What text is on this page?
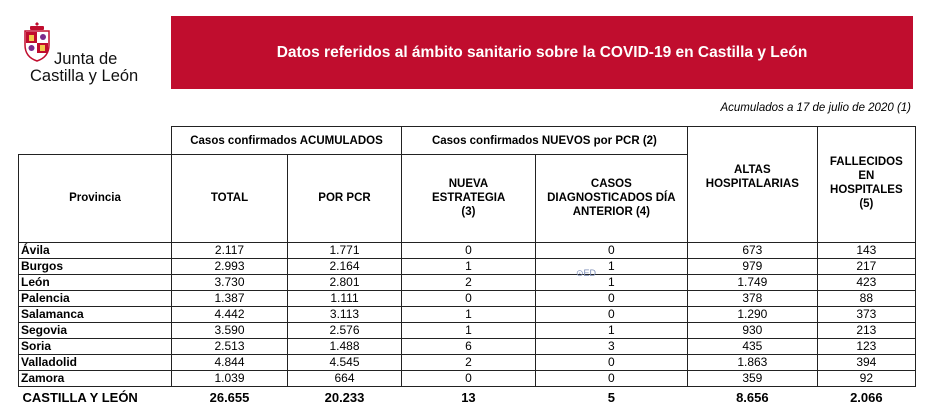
Junta de
Castilla y León
Datos referidos al ámbito sanitario sobre la COVID-19 en Castilla y León
Acumulados a 17 de julio de 2020 (1)
	Casos confirmados ACUMULADOS		Casos confirmados NUEVOS por PCR (2)			
Provincia	TOTAL	POR PCR	NUEVA ESTRATEGIA (3)	CASOS DIAGNOSTICADOS DÍA ANTERIOR (4)	ALTAS HOSPITALARIAS	FALLECIDOS EN HOSPITALES (5)
Ávila	2.117	1.771	0	0	673	143
Burgos	2.993	2.164	1	1	979	217
León	3.730	2.801	2	1	1.749	423
Palencia	1.387	1.111	0	0	378	88
Salamanca	4.442	3.113	1	0	1.290	373
Segovia	3.590	2.576	1	1	930	213
Soria	2.513	1.488	6	3	435	123
Valladolid	4.844	4.545	2	0	1.863	394
Zamora	1.039	664	0	0	359	92
CASTILLA Y LEÓN	26.655	20.233	13	5	8.656	2.066
⊙ED
